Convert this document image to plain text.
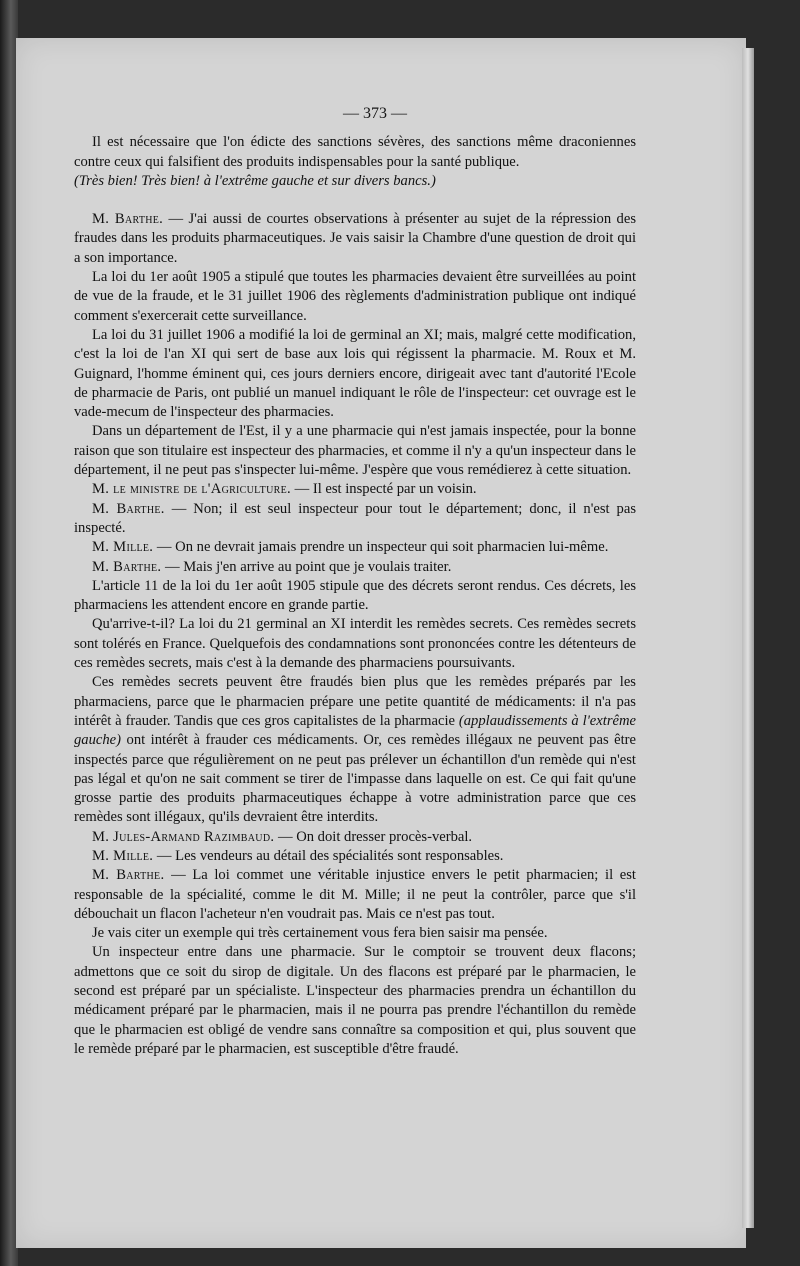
— 373 —

Il est nécessaire que l'on édicte des sanctions sévères, des sanctions même draconiennes contre ceux qui falsifient des produits indispensables pour la santé publique.

(Très bien! Très bien! à l'extrême gauche et sur divers bancs.)

M. Barthe. — J'ai aussi de courtes observations à présenter au sujet de la répression des fraudes dans les produits pharmaceutiques. Je vais saisir la Chambre d'une question de droit qui a son importance.

La loi du 1er août 1905 a stipulé que toutes les pharmacies devaient être surveillées au point de vue de la fraude, et le 31 juillet 1906 des règlements d'administration publique ont indiqué comment s'exercerait cette surveillance.

La loi du 31 juillet 1906 a modifié la loi de germinal an XI; mais, malgré cette modification, c'est la loi de l'an XI qui sert de base aux lois qui régissent la pharmacie. M. Roux et M. Guignard, l'homme éminent qui, ces jours derniers encore, dirigeait avec tant d'autorité l'Ecole de pharmacie de Paris, ont publié un manuel indiquant le rôle de l'inspecteur: cet ouvrage est le vade-mecum de l'inspecteur des pharmacies.

Dans un département de l'Est, il y a une pharmacie qui n'est jamais inspectée, pour la bonne raison que son titulaire est inspecteur des pharmacies, et comme il n'y a qu'un inspecteur dans le département, il ne peut pas s'inspecter lui-même. J'espère que vous remédierez à cette situation.

M. le ministre de l'Agriculture. — Il est inspecté par un voisin.

M. Barthe. — Non; il est seul inspecteur pour tout le département; donc, il n'est pas inspecté.

M. Mille. — On ne devrait jamais prendre un inspecteur qui soit pharmacien lui-même.

M. Barthe. — Mais j'en arrive au point que je voulais traiter.

L'article 11 de la loi du 1er août 1905 stipule que des décrets seront rendus. Ces décrets, les pharmaciens les attendent encore en grande partie.

Qu'arrive-t-il? La loi du 21 germinal an XI interdit les remèdes secrets. Ces remèdes secrets sont tolérés en France. Quelquefois des condamnations sont prononcées contre les détenteurs de ces remèdes secrets, mais c'est à la demande des pharmaciens poursuivants.

Ces remèdes secrets peuvent être fraudés bien plus que les remèdes préparés par les pharmaciens, parce que le pharmacien prépare une petite quantité de médicaments: il n'a pas intérêt à frauder. Tandis que ces gros capitalistes de la pharmacie (applaudissements à l'extrême gauche) ont intérêt à frauder ces médicaments. Or, ces remèdes illégaux ne peuvent pas être inspectés parce que régulièrement on ne peut pas prélever un échantillon d'un remède qui n'est pas légal et qu'on ne sait comment se tirer de l'impasse dans laquelle on est. Ce qui fait qu'une grosse partie des produits pharmaceutiques échappe à votre administration parce que ces remèdes sont illégaux, qu'ils devraient être interdits.

M. Jules-Armand Razimbaud. — On doit dresser procès-verbal.

M. Mille. — Les vendeurs au détail des spécialités sont responsables.

M. Barthe. — La loi commet une véritable injustice envers le petit pharmacien; il est responsable de la spécialité, comme le dit M. Mille; il ne peut la contrôler, parce que s'il débouchait un flacon l'acheteur n'en voudrait pas. Mais ce n'est pas tout.

Je vais citer un exemple qui très certainement vous fera bien saisir ma pensée.

Un inspecteur entre dans une pharmacie. Sur le comptoir se trouvent deux flacons; admettons que ce soit du sirop de digitale. Un des flacons est préparé par le pharmacien, le second est préparé par un spécialiste. L'inspecteur des pharmacies prendra un échantillon du médicament préparé par le pharmacien, mais il ne pourra pas prendre l'échantillon du remède que le pharmacien est obligé de vendre sans connaître sa composition et qui, plus souvent que le remède préparé par le pharmacien, est susceptible d'être fraudé.
